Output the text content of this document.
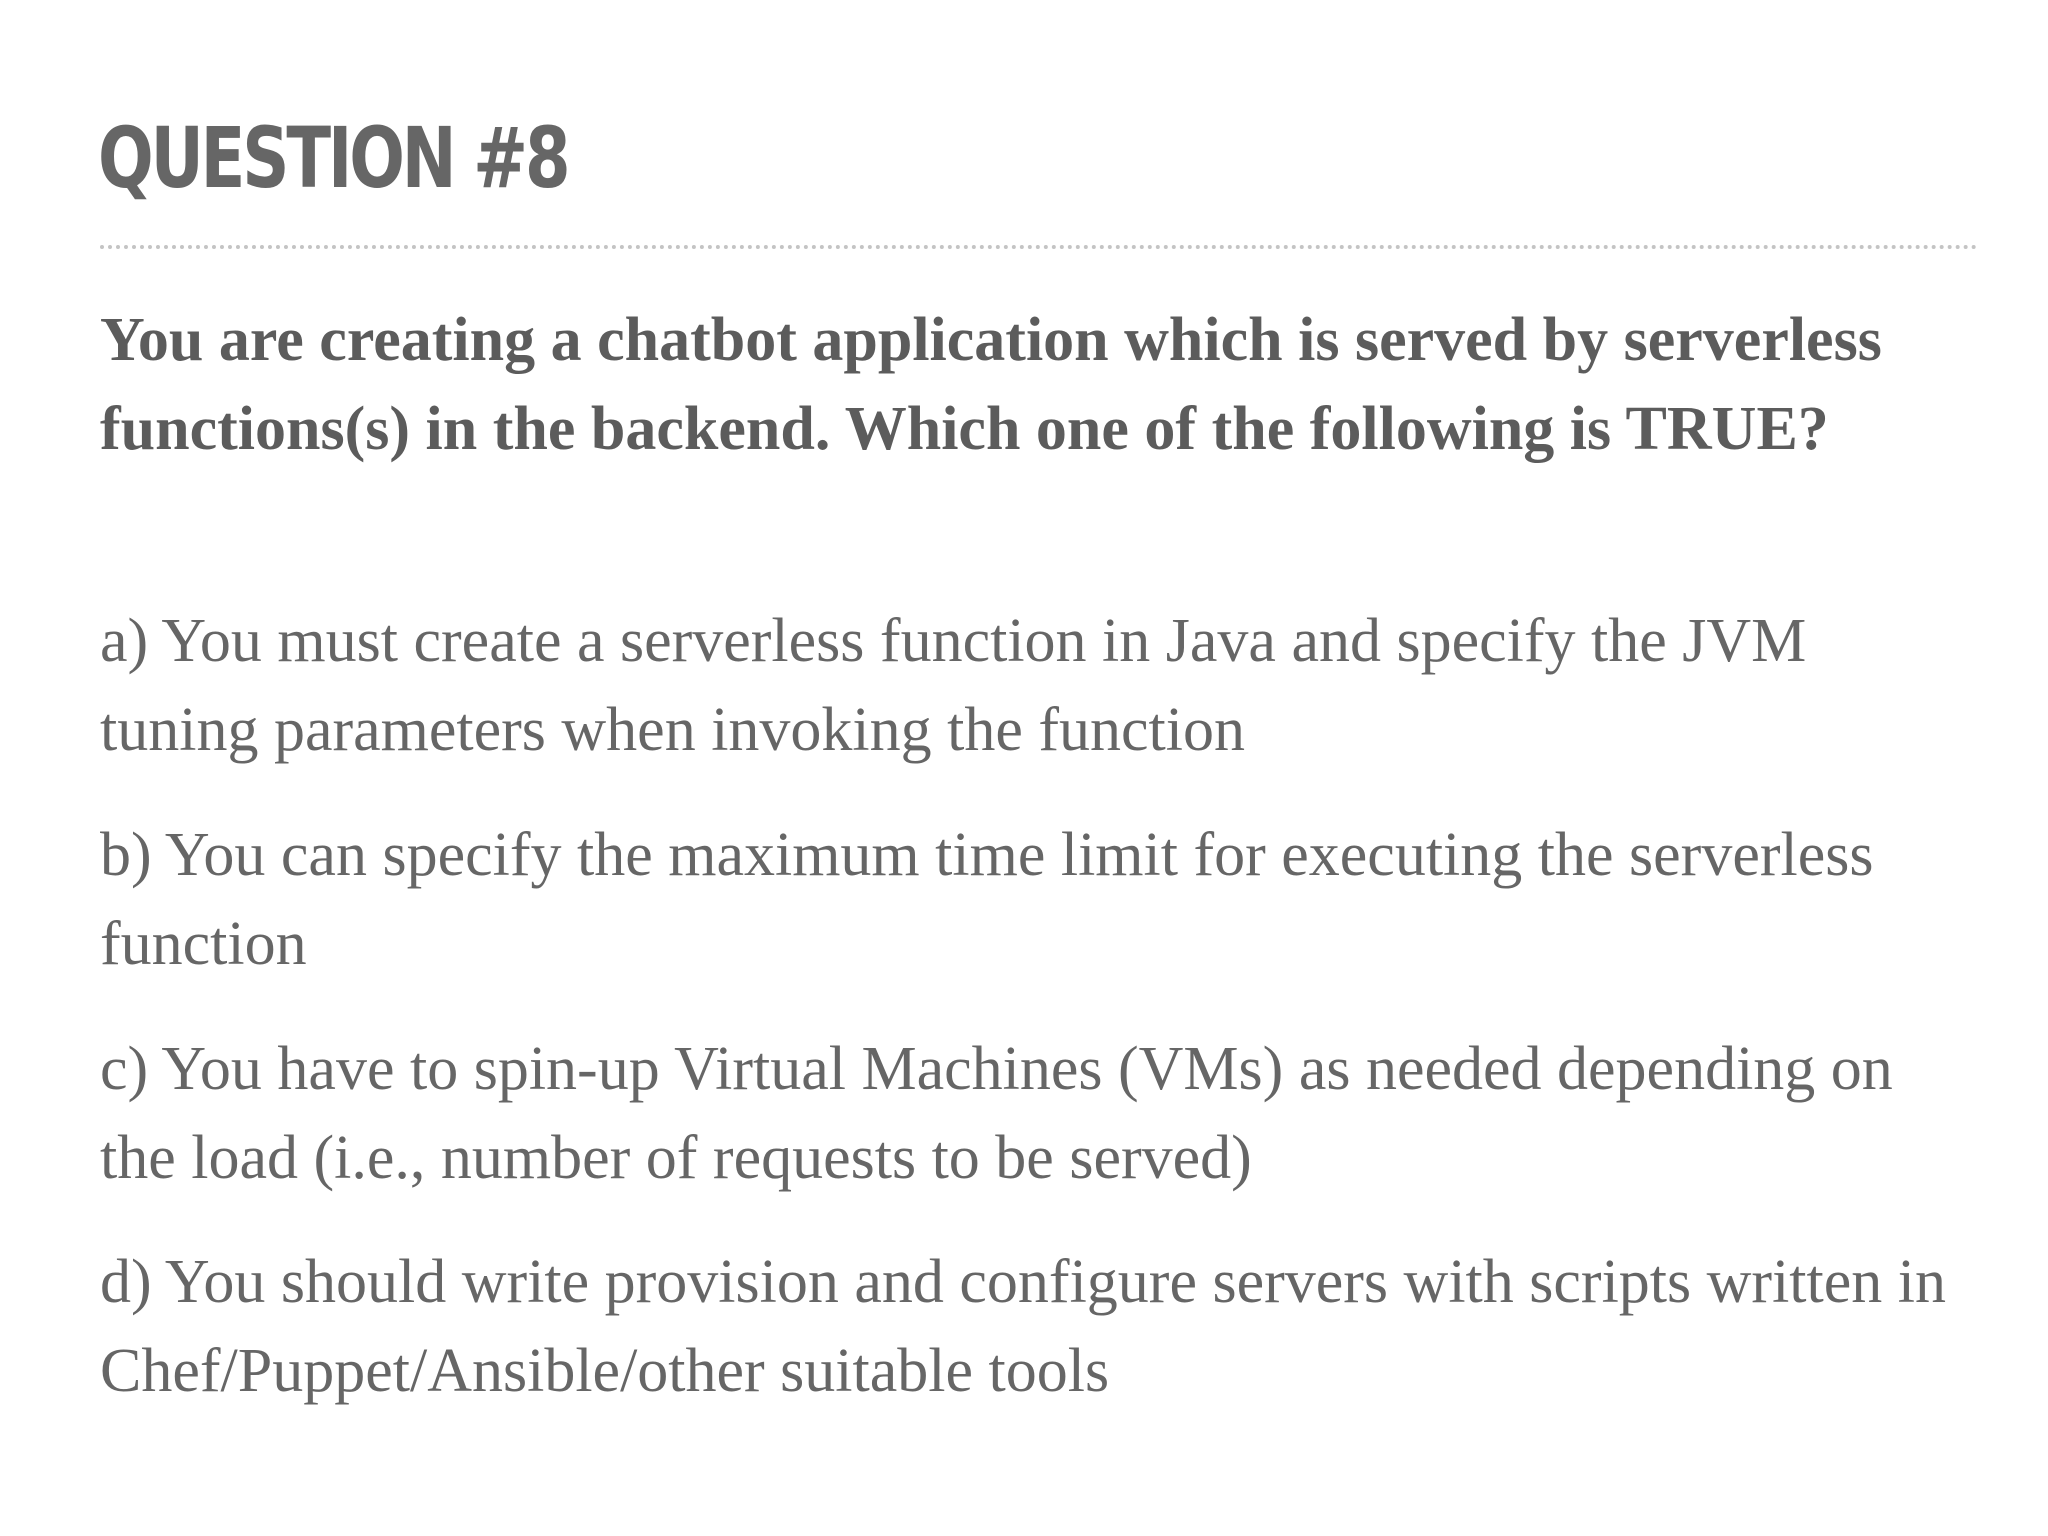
QUESTION #8

You are creating a chatbot application which is served by serverless functions(s) in the backend. Which one of the following is TRUE?

a) You must create a serverless function in Java and specify the JVM tuning parameters when invoking the function

b) You can specify the maximum time limit for executing the serverless function

c) You have to spin-up Virtual Machines (VMs) as needed depending on the load (i.e., number of requests to be served)

d) You should write provision and configure servers with scripts written in Chef/Puppet/Ansible/other suitable tools
